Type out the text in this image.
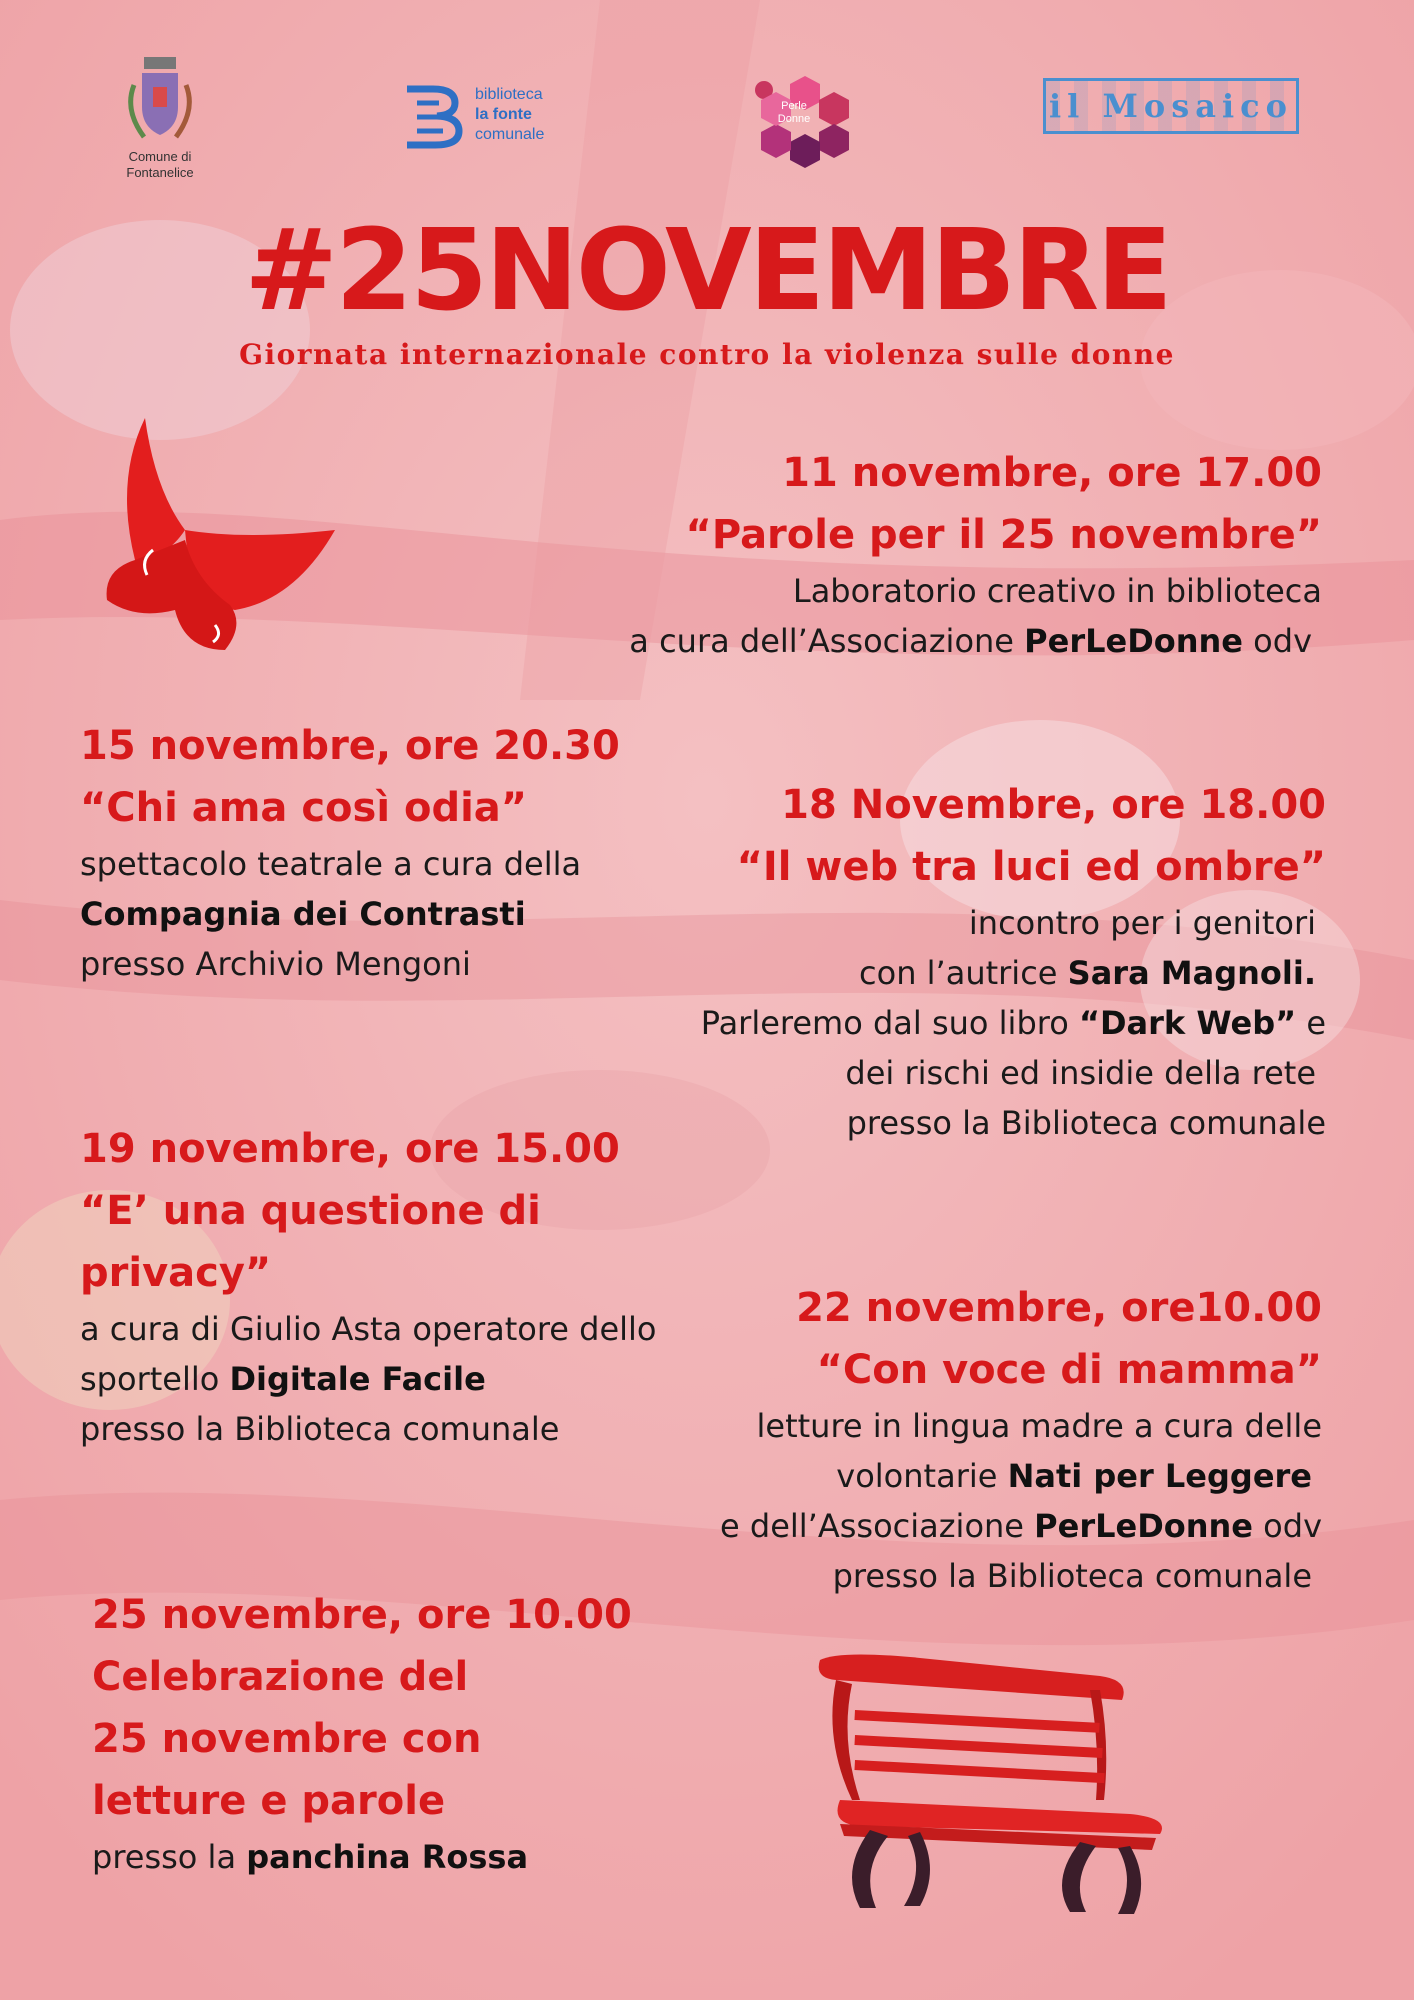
Comune di
Fontanelice
biblioteca
la fonte
comunale
Perle
Donne	il Mosaico
#25NOVEMBRE
Giornata internazionale contro la violenza sulle donne
11 novembre, ore 17.00
“Parole per il 25 novembre”
Laboratorio creativo in biblioteca
a cura dell’Associazione PerLeDonne odv
15 novembre, ore 20.30
“Chi ama così odia”
spettacolo teatrale a cura della
Compagnia dei Contrasti
presso Archivio Mengoni
18 Novembre, ore 18.00
“Il web tra luci ed ombre”
incontro per i genitori
con l’autrice Sara Magnoli.
Parleremo dal suo libro “Dark Web” e
dei rischi ed insidie della rete
presso la Biblioteca comunale
19 novembre, ore 15.00
“E’ una questione di
privacy”
a cura di Giulio Asta operatore dello
sportello Digitale Facile
presso la Biblioteca comunale
22 novembre, ore10.00
“Con voce di mamma”
letture in lingua madre a cura delle
volontarie Nati per Leggere
e dell’Associazione PerLeDonne odv
presso la Biblioteca comunale
25 novembre, ore 10.00
Celebrazione del
25 novembre con
letture e parole
presso la panchina Rossa
